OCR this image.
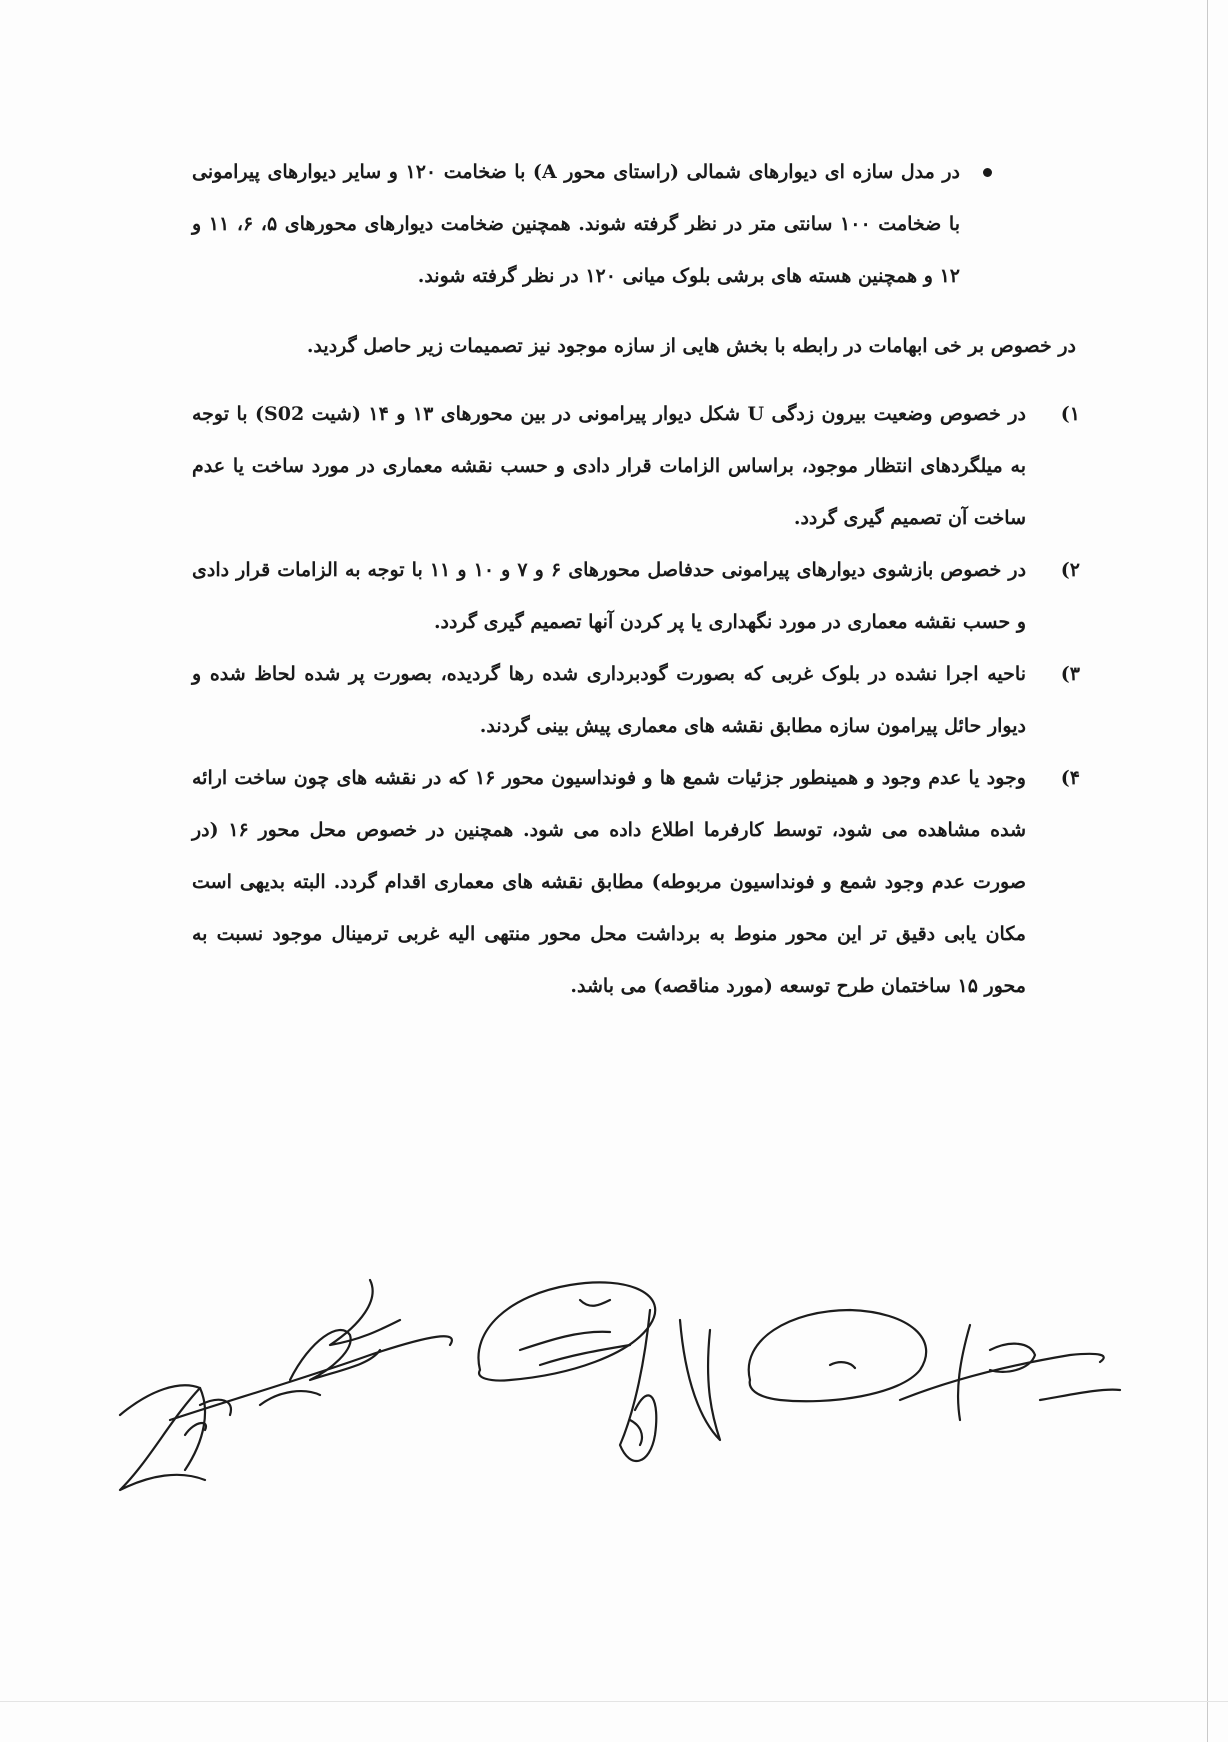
در مدل سازه ای دیوارهای شمالی (راستای محور A) با ضخامت ۱۲۰ و سایر دیوارهای پیرامونی با ضخامت ۱۰۰ سانتی متر در نظر گرفته شوند. همچنین ضخامت دیوارهای محورهای ۵، ۶، ۱۱ و ۱۲ و همچنین هسته های برشی بلوک میانی ۱۲۰ در نظر گرفته شوند.
در خصوص بر خی ابهامات در رابطه با بخش هایی از سازه موجود نیز تصمیمات زیر حاصل گردید.
۱)
در خصوص وضعیت بیرون زدگی U شکل دیوار پیرامونی در بین محورهای ۱۳ و ۱۴ (شیت S02) با توجه به میلگردهای انتظار موجود، براساس الزامات قرار دادی و حسب نقشه معماری در مورد ساخت یا عدم ساخت آن تصمیم گیری گردد.
۲)
در خصوص بازشوی دیوارهای پیرامونی حدفاصل محورهای ۶ و ۷ و ۱۰ و ۱۱ با توجه به الزامات قرار دادی و حسب نقشه معماری در مورد نگهداری یا پر کردن آنها تصمیم گیری گردد.
۳)
ناحیه اجرا نشده در بلوک غربی که بصورت گودبرداری شده رها گردیده، بصورت پر شده لحاظ شده و دیوار حائل پیرامون سازه مطابق نقشه های معماری پیش بینی گردند.
۴)
وجود یا عدم وجود و همینطور جزئیات شمع ها و فونداسیون محور ۱۶ که در نقشه های چون ساخت ارائه شده مشاهده می شود، توسط کارفرما اطلاع داده می شود. همچنین در خصوص محل محور ۱۶ (در صورت عدم وجود شمع و فونداسیون مربوطه) مطابق نقشه های معماری اقدام گردد. البته بدیهی است مکان یابی دقیق تر این محور منوط به برداشت محل محور منتهی الیه غربی ترمینال موجود نسبت به محور ۱۵ ساختمان طرح توسعه (مورد مناقصه) می باشد.
